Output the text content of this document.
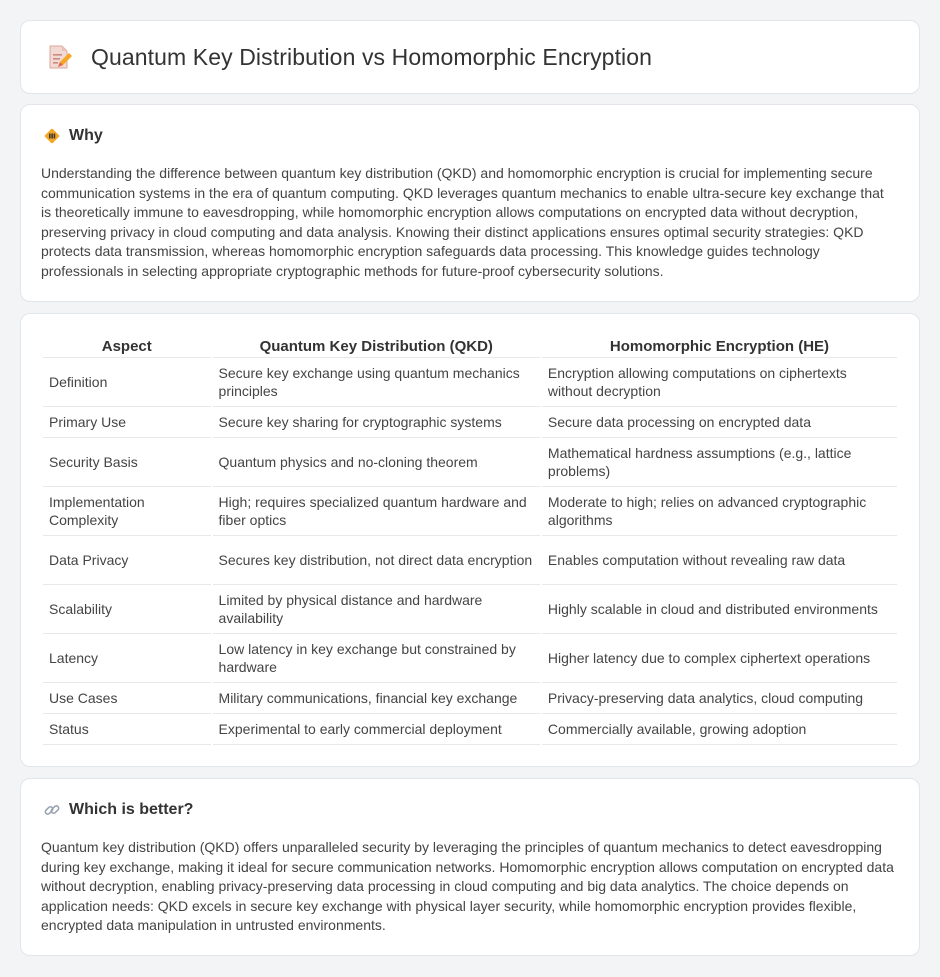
Quantum Key Distribution vs Homomorphic Encryption
Why

Understanding the difference between quantum key distribution (QKD) and homomorphic encryption is crucial for implementing secure communication systems in the era of quantum computing. QKD leverages quantum mechanics to enable ultra-secure key exchange that is theoretically immune to eavesdropping, while homomorphic encryption allows computations on encrypted data without decryption, preserving privacy in cloud computing and data analysis. Knowing their distinct applications ensures optimal security strategies: QKD protects data transmission, whereas homomorphic encryption safeguards data processing. This knowledge guides technology professionals in selecting appropriate cryptographic methods for future-proof cybersecurity solutions.

Aspect	Quantum Key Distribution (QKD)	Homomorphic Encryption (HE)
Definition	Secure key exchange using quantum mechanics principles	Encryption allowing computations on ciphertexts without decryption
Primary Use	Secure key sharing for cryptographic systems	Secure data processing on encrypted data
Security Basis	Quantum physics and no-cloning theorem	Mathematical hardness assumptions (e.g., lattice problems)
Implementation Complexity	High; requires specialized quantum hardware and fiber optics	Moderate to high; relies on advanced cryptographic algorithms
Data Privacy	Secures key distribution, not direct data encryption	Enables computation without revealing raw data
Scalability	Limited by physical distance and hardware availability	Highly scalable in cloud and distributed environments
Latency	Low latency in key exchange but constrained by hardware	Higher latency due to complex ciphertext operations
Use Cases	Military communications, financial key exchange	Privacy-preserving data analytics, cloud computing
Status	Experimental to early commercial deployment	Commercially available, growing adoption
Which is better?

Quantum key distribution (QKD) offers unparalleled security by leveraging the principles of quantum mechanics to detect eavesdropping during key exchange, making it ideal for secure communication networks. Homomorphic encryption allows computation on encrypted data without decryption, enabling privacy-preserving data processing in cloud computing and big data analytics. The choice depends on application needs: QKD excels in secure key exchange with physical layer security, while homomorphic encryption provides flexible, encrypted data manipulation in untrusted environments.
